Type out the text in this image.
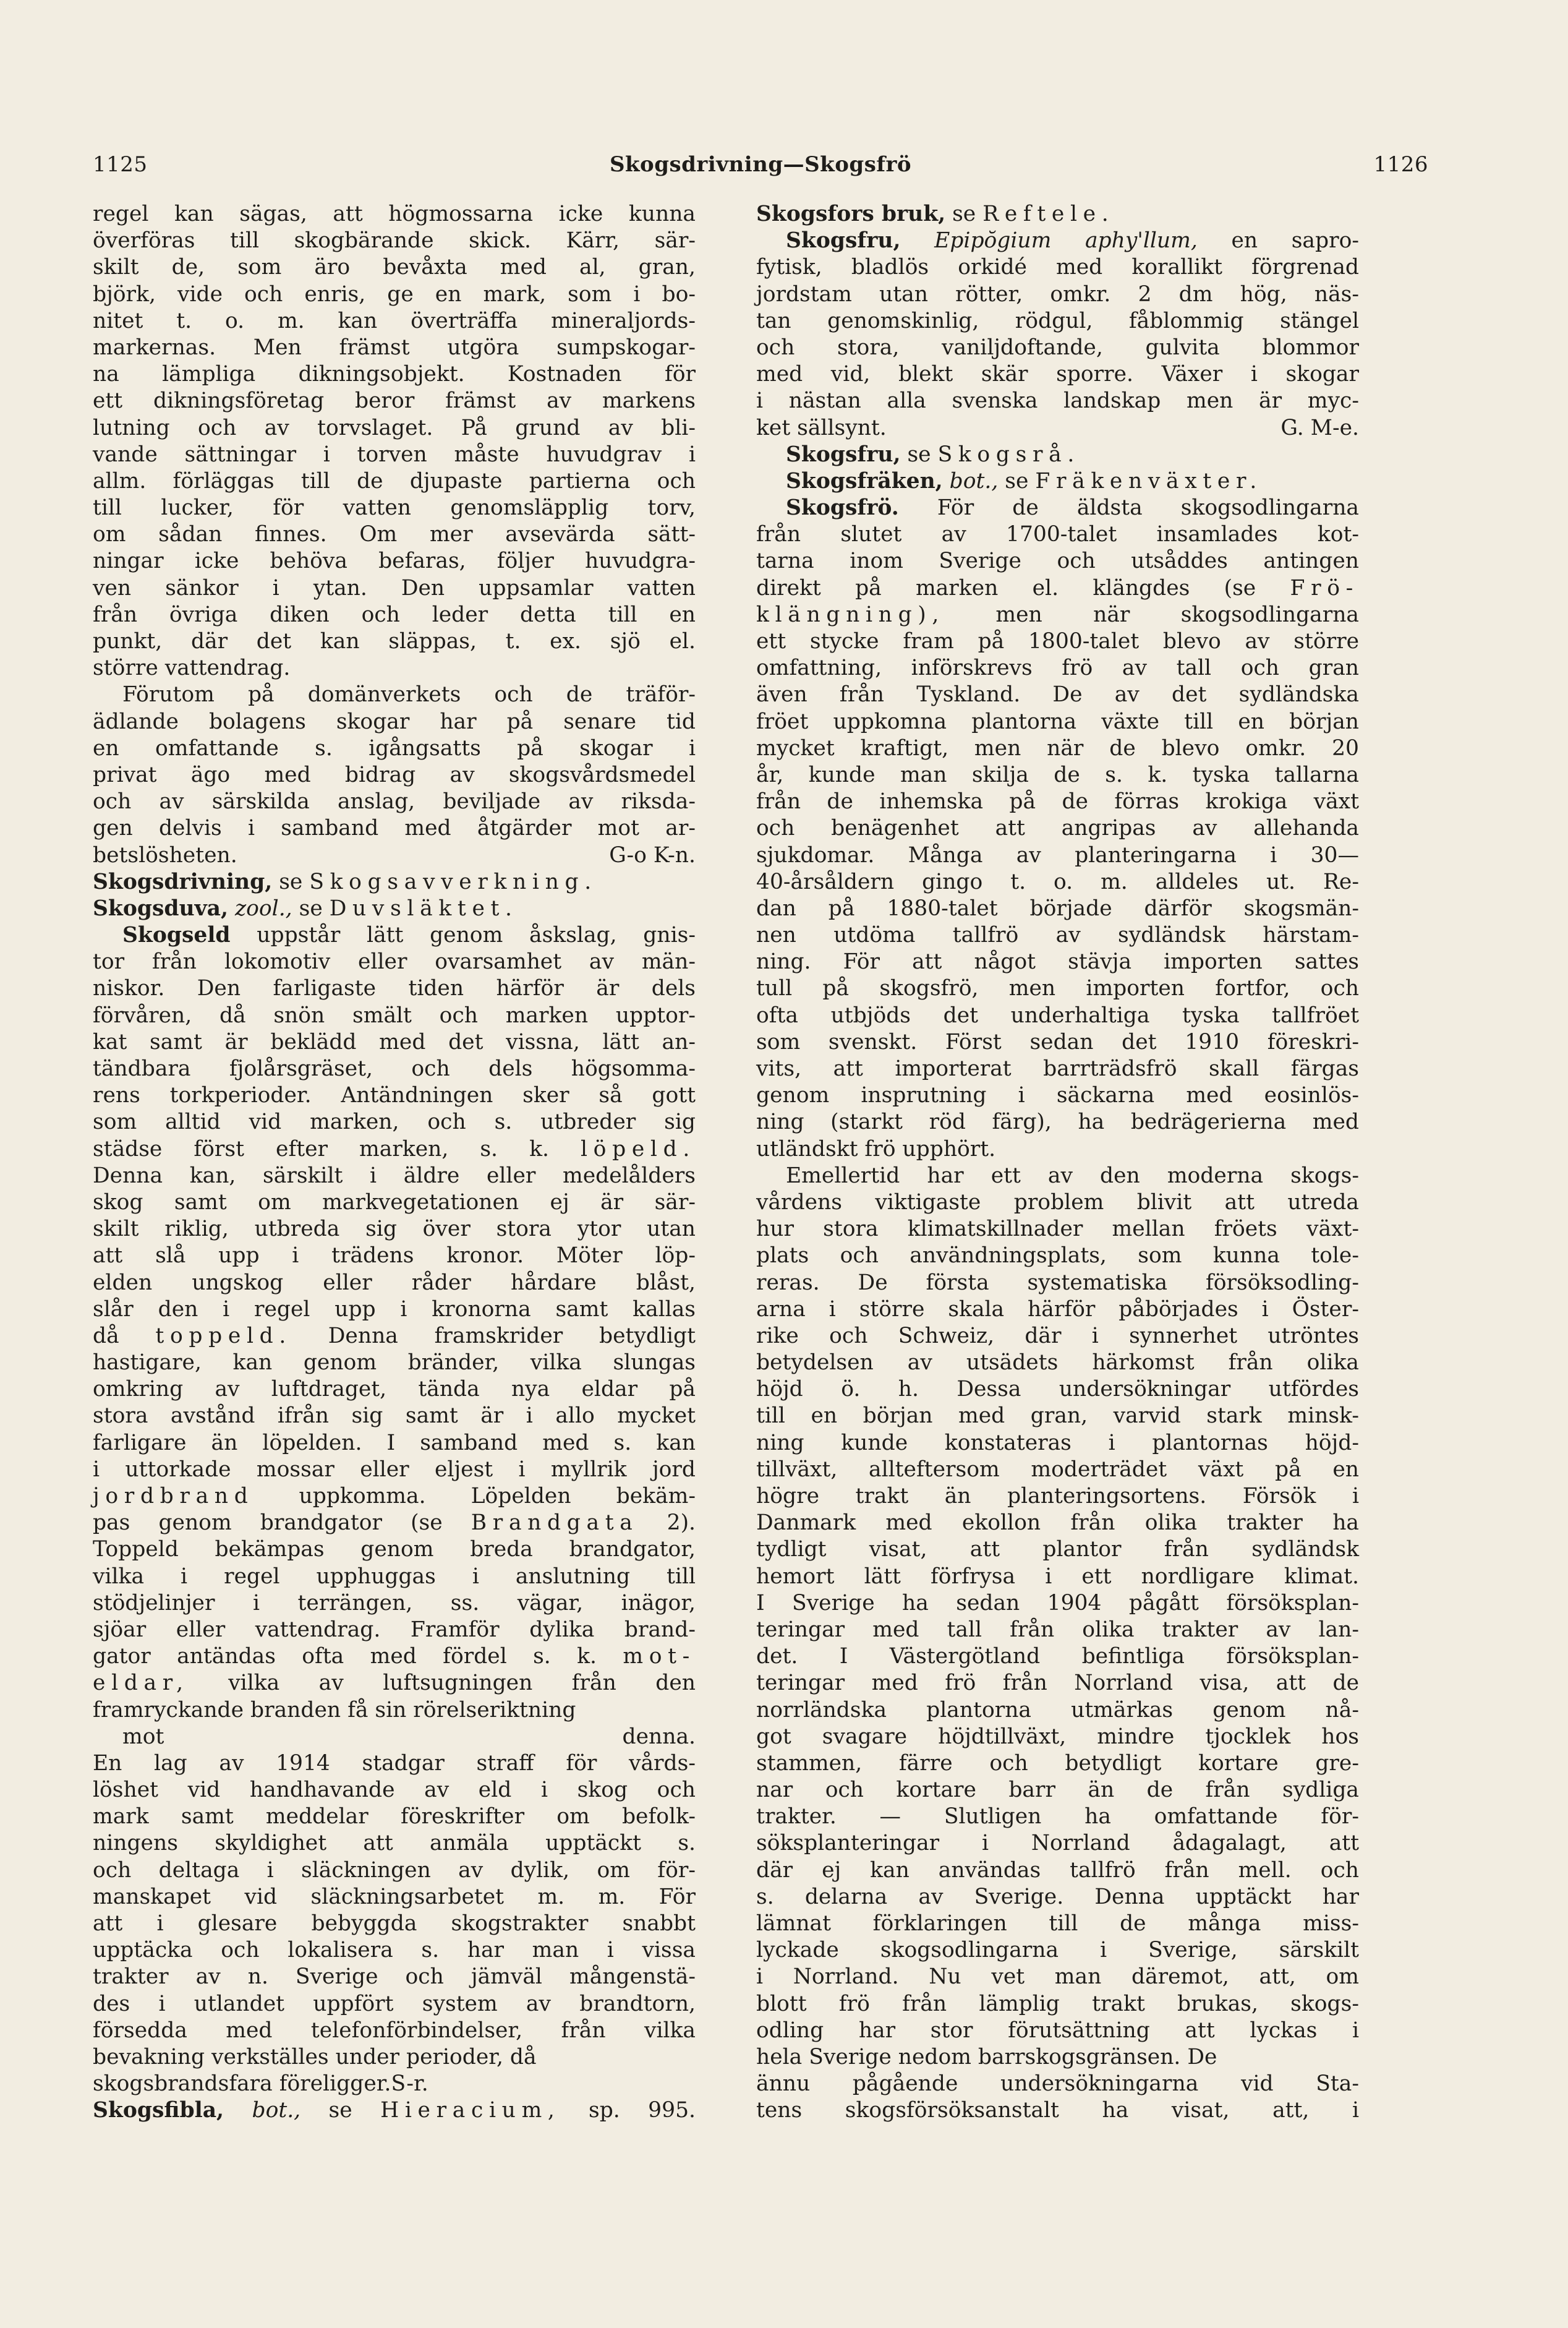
1125	Skogsdrivning—Skogsfrö	1126
regel kan sägas, att högmossarna icke kunna
överföras till skogbärande skick. Kärr, sär-
skilt de, som äro bevåxta med al, gran,
björk, vide och enris, ge en mark, som i bo-
nitet t. o. m. kan överträffa mineraljords-
markernas. Men främst utgöra sumpskogar-
na lämpliga dikningsobjekt. Kostnaden för
ett dikningsföretag beror främst av markens
lutning och av torvslaget. På grund av bli-
vande sättningar i torven måste huvudgrav i
allm. förläggas till de djupaste partierna och
till lucker, för vatten genomsläpplig torv,
om sådan finnes. Om mer avsevärda sätt-
ningar icke behöva befaras, följer huvudgra-
ven sänkor i ytan. Den uppsamlar vatten
från övriga diken och leder detta till en
punkt, där det kan släppas, t. ex. sjö el.
större vattendrag.
Förutom på domänverkets och de träför-
ädlande bolagens skogar har på senare tid
en omfattande s. igångsatts på skogar i
privat ägo med bidrag av skogsvårdsmedel
och av särskilda anslag, beviljade av riksda-
gen delvis i samband med åtgärder mot ar-
betslösheten.	G-o K-n.
Skogsdrivning, se Skogsavverkning.
Skogsduva, zool., se Duvsläktet.
Skogseld uppstår lätt genom åskslag, gnis-
tor från lokomotiv eller ovarsamhet av män-
niskor. Den farligaste tiden härför är dels
förvåren, då snön smält och marken upptor-
kat samt är beklädd med det vissna, lätt an-
tändbara fjolårsgräset, och dels högsomma-
rens torkperioder. Antändningen sker så gott
som alltid vid marken, och s. utbreder sig
städse först efter marken, s. k. löpeld.
Denna kan, särskilt i äldre eller medelålders
skog samt om markvegetationen ej är sär-
skilt riklig, utbreda sig över stora ytor utan
att slå upp i trädens kronor. Möter löp-
elden ungskog eller råder hårdare blåst,
slår den i regel upp i kronorna samt kallas
då toppeld. Denna framskrider betydligt
hastigare, kan genom bränder, vilka slungas
omkring av luftdraget, tända nya eldar på
stora avstånd ifrån sig samt är i allo mycket
farligare än löpelden. I samband med s. kan
i uttorkade mossar eller eljest i myllrik jord
jordbrand uppkomma. Löpelden bekäm-
pas genom brandgator (se Brandgata 2).
Toppeld bekämpas genom breda brandgator,
vilka i regel upphuggas i anslutning till
stödjelinjer i terrängen, ss. vägar, inägor,
sjöar eller vattendrag. Framför dylika brand-
gator antändas ofta med fördel s. k. mot-
eldar, vilka av luftsugningen från den
framryckande branden få sin rörelseriktning
mot denna.
En lag av 1914 stadgar straff för vårds-
löshet vid handhavande av eld i skog och
mark samt meddelar föreskrifter om befolk-
ningens skyldighet att anmäla upptäckt s.
och deltaga i släckningen av dylik, om för-
manskapet vid släckningsarbetet m. m. För
att i glesare bebyggda skogstrakter snabbt
upptäcka och lokalisera s. har man i vissa
trakter av n. Sverige och jämväl mångenstä-
des i utlandet uppfört system av brandtorn,
försedda med telefonförbindelser, från vilka
bevakning verkställes under perioder, då
skogsbrandsfara föreligger.S-r.
Skogsfibla, bot., se Hieracium, sp. 995.
Skogsfors bruk, se Reftele.
Skogsfru, Epipŏgium aphy'llum, en sapro-
fytisk, bladlös orkidé med korallikt förgrenad
jordstam utan rötter, omkr. 2 dm hög, näs-
tan genomskinlig, rödgul, fåblommig stängel
och stora, vaniljdoftande, gulvita blommor
med vid, blekt skär sporre. Växer i skogar
i nästan alla svenska landskap men är myc-
ket sällsynt.	G. M-e.
Skogsfru, se Skogsrå.
Skogsfräken, bot., se Fräkenväxter.
Skogsfrö. För de äldsta skogsodlingarna
från slutet av 1700-talet insamlades kot-
tarna inom Sverige och utsåddes antingen
direkt på marken el. klängdes (se Frö-
klängning), men när skogsodlingarna
ett stycke fram på 1800-talet blevo av större
omfattning, införskrevs frö av tall och gran
även från Tyskland. De av det sydländska
fröet uppkomna plantorna växte till en början
mycket kraftigt, men när de blevo omkr. 20
år, kunde man skilja de s. k. tyska tallarna
från de inhemska på de förras krokiga växt
och benägenhet att angripas av allehanda
sjukdomar. Många av planteringarna i 30—
40-årsåldern gingo t. o. m. alldeles ut. Re-
dan på 1880-talet började därför skogsmän-
nen utdöma tallfrö av sydländsk härstam-
ning. För att något stävja importen sattes
tull på skogsfrö, men importen fortfor, och
ofta utbjöds det underhaltiga tyska tallfröet
som svenskt. Först sedan det 1910 föreskri-
vits, att importerat barrträdsfrö skall färgas
genom insprutning i säckarna med eosinlös-
ning (starkt röd färg), ha bedrägerierna med
utländskt frö upphört.
Emellertid har ett av den moderna skogs-
vårdens viktigaste problem blivit att utreda
hur stora klimatskillnader mellan fröets växt-
plats och användningsplats, som kunna tole-
reras. De första systematiska försöksodling-
arna i större skala härför påbörjades i Öster-
rike och Schweiz, där i synnerhet utröntes
betydelsen av utsädets härkomst från olika
höjd ö. h. Dessa undersökningar utfördes
till en början med gran, varvid stark minsk-
ning kunde konstateras i plantornas höjd-
tillväxt, allteftersom moderträdet växt på en
högre trakt än planteringsortens. Försök i
Danmark med ekollon från olika trakter ha
tydligt visat, att plantor från sydländsk
hemort lätt förfrysa i ett nordligare klimat.
I Sverige ha sedan 1904 pågått försöksplan-
teringar med tall från olika trakter av lan-
det. I Västergötland befintliga försöksplan-
teringar med frö från Norrland visa, att de
norrländska plantorna utmärkas genom nå-
got svagare höjdtillväxt, mindre tjocklek hos
stammen, färre och betydligt kortare gre-
nar och kortare barr än de från sydliga
trakter. — Slutligen ha omfattande för-
söksplanteringar i Norrland ådagalagt, att
där ej kan användas tallfrö från mell. och
s. delarna av Sverige. Denna upptäckt har
lämnat förklaringen till de många miss-
lyckade skogsodlingarna i Sverige, särskilt
i Norrland. Nu vet man däremot, att, om
blott frö från lämplig trakt brukas, skogs-
odling har stor förutsättning att lyckas i
hela Sverige nedom barrskogsgränsen. De
ännu pågående undersökningarna vid Sta-
tens skogsförsöksanstalt ha visat, att, i
